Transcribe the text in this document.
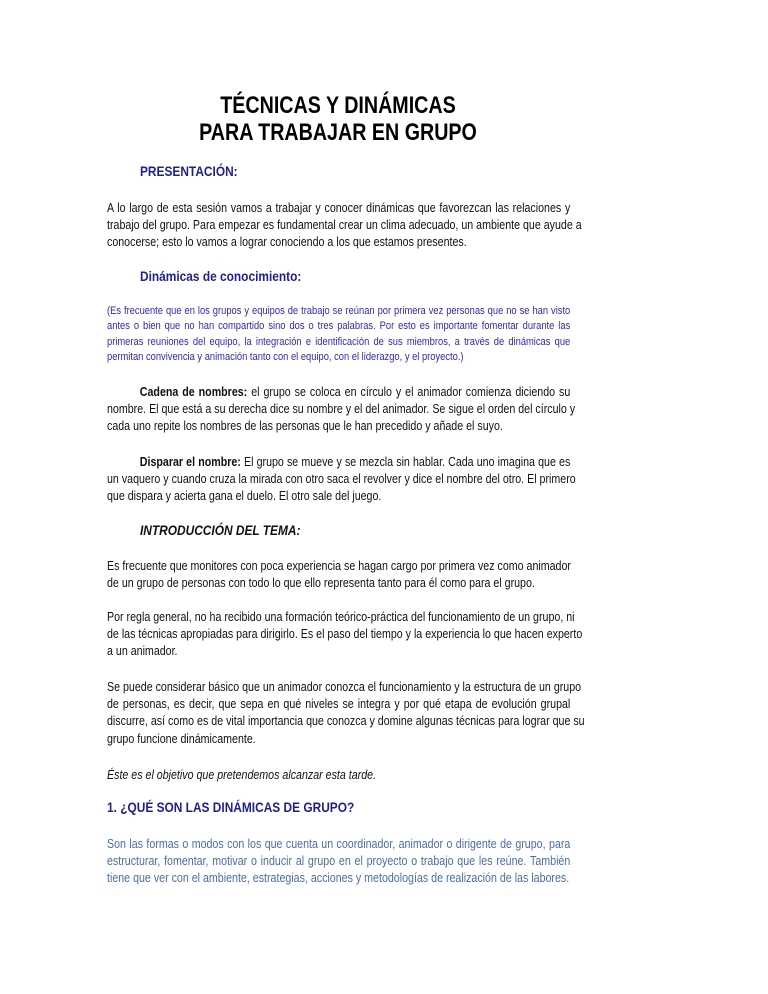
TÉCNICAS Y DINÁMICAS
PARA TRABAJAR EN GRUPO
PRESENTACIÓN:
A lo largo de esta sesión vamos a trabajar y conocer dinámicas que favorezcan las relaciones y
trabajo del grupo. Para empezar es fundamental crear un clima adecuado, un ambiente que ayude a
conocerse; esto lo vamos a lograr conociendo a los que estamos presentes.
Dinámicas de conocimiento:
(Es frecuente que en los grupos y equipos de trabajo se reúnan por primera vez personas que no se han visto
antes o bien que no han compartido sino dos o tres palabras. Por esto es importante fomentar durante las
primeras reuniones del equipo, la integración e identificación de sus miembros, a través de dinámicas que
permitan convivencia y animación tanto con el equipo, con el liderazgo, y el proyecto.)
Cadena de nombres: el grupo se coloca en círculo y el animador comienza diciendo su
nombre. El que está a su derecha dice su nombre y el del animador. Se sigue el orden del círculo y
cada uno repite los nombres de las personas que le han precedido y añade el suyo.
Disparar el nombre: El grupo se mueve y se mezcla sin hablar. Cada uno imagina que es
un vaquero y cuando cruza la mirada con otro saca el revolver y dice el nombre del otro. El primero
que dispara y acierta gana el duelo. El otro sale del juego.
INTRODUCCIÓN DEL TEMA:
Es frecuente que monitores con poca experiencia se hagan cargo por primera vez como animador
de un grupo de personas con todo lo que ello representa tanto para él como para el grupo.
Por regla general, no ha recibido una formación teórico-práctica del funcionamiento de un grupo, ni
de las técnicas apropiadas para dirigirlo. Es el paso del tiempo y la experiencia lo que hacen experto
a un animador.
Se puede considerar básico que un animador conozca el funcionamiento y la estructura de un grupo
de personas, es decir, que sepa en qué niveles se integra y por qué etapa de evolución grupal
discurre, así como es de vital importancia que conozca y domine algunas técnicas para lograr que su
grupo funcione dinámicamente.
Éste es el objetivo que pretendemos alcanzar esta tarde.
1. ¿QUÉ SON LAS DINÁMICAS DE GRUPO?
Son las formas o modos con los que cuenta un coordinador, animador o dirigente de grupo, para
estructurar, fomentar, motivar o inducir al grupo en el proyecto o trabajo que les reúne. También
tiene que ver con el ambiente, estrategias, acciones y metodologías de realización de las labores.
